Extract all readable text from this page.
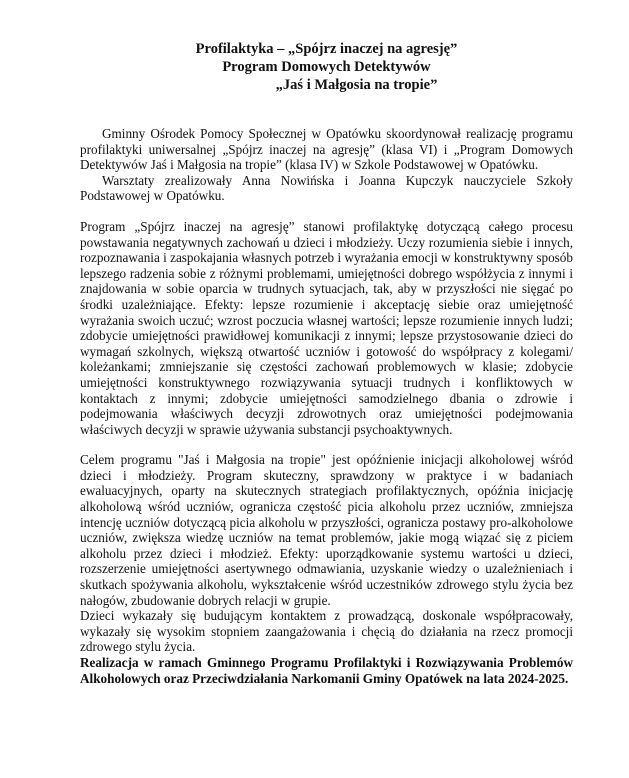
Profilaktyka – „Spójrz inaczej na agresję”
Program Domowych Detektywów

„Jaś i Małgosia na tropie”

Gminny Ośrodek Pomocy Społecznej w Opatówku skoordynował realizację programu profilaktyki uniwersalnej „Spójrz inaczej na agresję” (klasa VI) i „Program Domowych Detektywów Jaś i Małgosia na tropie” (klasa IV) w Szkole Podstawowej w Opatówku.

Warsztaty zrealizowały Anna Nowińska i Joanna Kupczyk nauczyciele Szkoły Podstawowej w Opatówku.

Program „Spójrz inaczej na agresję” stanowi profilaktykę dotyczącą całego procesu powstawania negatywnych zachowań u dzieci i młodzieży. Uczy rozumienia siebie i innych, rozpoznawania i zaspokajania własnych potrzeb i wyrażania emocji w konstruktywny sposób lepszego radzenia sobie z różnymi problemami, umiejętności dobrego współżycia z innymi i znajdowania w sobie oparcia w trudnych sytuacjach, tak, aby w przyszłości nie sięgać po środki uzależniające. Efekty: lepsze rozumienie i akceptację siebie oraz umiejętność wyrażania swoich uczuć; wzrost poczucia własnej wartości; lepsze rozumienie innych ludzi; zdobycie umiejętności prawidłowej komunikacji z innymi; lepsze przystosowanie dzieci do wymagań szkolnych, większą otwartość uczniów i gotowość do współpracy z kolegami/ koleżankami; zmniejszanie się częstości zachowań problemowych w klasie; zdobycie umiejętności konstruktywnego rozwiązywania sytuacji trudnych i konfliktowych w kontaktach z innymi; zdobycie umiejętności samodzielnego dbania o zdrowie i podejmowania właściwych decyzji zdrowotnych oraz umiejętności podejmowania właściwych decyzji w sprawie używania substancji psychoaktywnych.

Celem programu "Jaś i Małgosia na tropie" jest opóźnienie inicjacji alkoholowej wśród dzieci i młodzieży. Program skuteczny, sprawdzony w praktyce i w badaniach ewaluacyjnych, oparty na skutecznych strategiach profilaktycznych, opóźnia inicjację alkoholową wśród uczniów, ogranicza częstość picia alkoholu przez uczniów, zmniejsza intencję uczniów dotyczącą picia alkoholu w przyszłości, ogranicza postawy pro-alkoholowe uczniów, zwiększa wiedzę uczniów na temat problemów, jakie mogą wiązać się z piciem alkoholu przez dzieci i młodzież. Efekty: uporządkowanie systemu wartości u dzieci, rozszerzenie umiejętności asertywnego odmawiania, uzyskanie wiedzy o uzależnieniach i skutkach spożywania alkoholu, wykształcenie wśród uczestników zdrowego stylu życia bez nałogów, zbudowanie dobrych relacji w grupie.

Dzieci wykazały się budującym kontaktem z prowadzącą, doskonale współpracowały, wykazały się wysokim stopniem zaangażowania i chęcią do działania na rzecz promocji zdrowego stylu życia.

Realizacja w ramach Gminnego Programu Profilaktyki i Rozwiązywania Problemów Alkoholowych oraz Przeciwdziałania Narkomanii Gminy Opatówek na lata 2024-2025.
